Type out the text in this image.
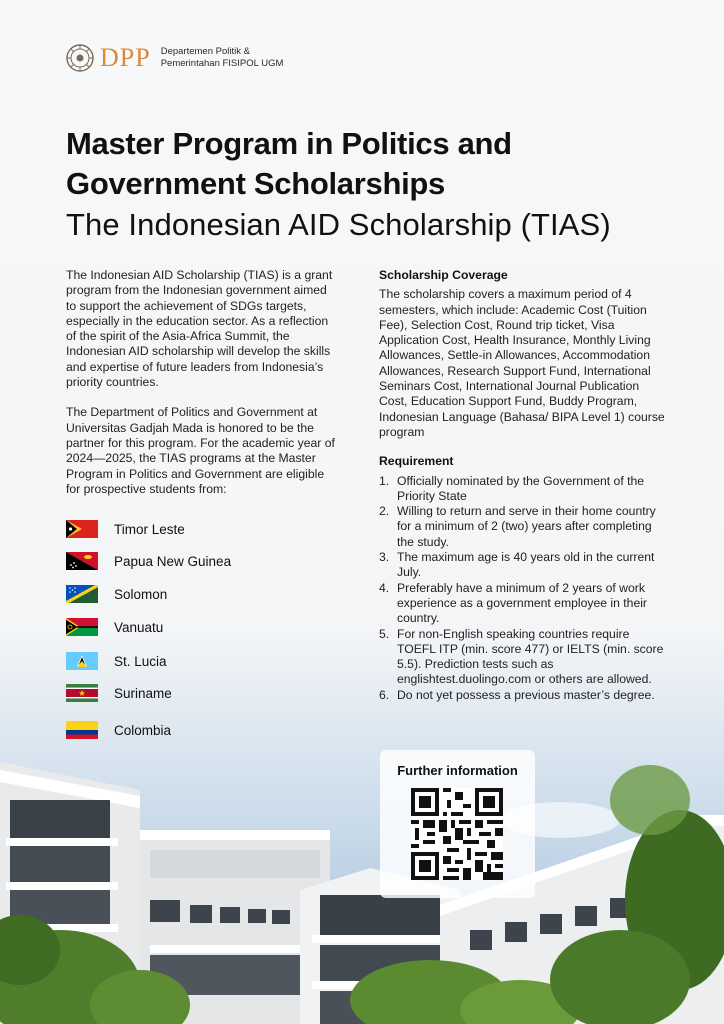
DPP Departemen Politik &
Pemerintahan FISIPOL UGM
Master Program in Politics and
Government Scholarships
The Indonesian AID Scholarship (TIAS)

The Indonesian AID Scholarship (TIAS) is a grant program from the Indonesian government aimed to support the achievement of SDGs targets, especially in the education sector. As a reflection of the spirit of the Asia-Africa Summit, the Indonesian AID scholarship will develop the skills and expertise of future leaders from Indonesia’s priority countries.

The Department of Politics and Government at Universitas Gadjah Mada is honored to be the partner for this program. For the academic year of 2024—2025, the TIAS programs at the Master Program in Politics and Government are eligible for prospective students from:

Timor Leste
Papua New Guinea
Solomon
Vanuatu
St. Lucia
Suriname
Colombia
Scholarship Coverage
The scholarship covers a maximum period of 4 semesters, which include: Academic Cost (Tuition Fee), Selection Cost, Round trip ticket, Visa Application Cost, Health Insurance, Monthly Living Allowances, Settle-in Allowances, Accommodation Allowances, Research Support Fund, International Seminars Cost, International Journal Publication Cost, Education Support Fund, Buddy Program, Indonesian Language (Bahasa/ BIPA Level 1) course program
Requirement
1. Officially nominated by the Government of the Priority State
2. Willing to return and serve in their home country for a minimum of 2 (two) years after completing the study.
3. The maximum age is 40 years old in the current July.
4. Preferably have a minimum of 2 years of work experience as a government employee in their country.
5. For non-English speaking countries require TOEFL ITP (min. score 477) or IELTS (min. score 5.5). Prediction tests such as englishtest.duolingo.com or others are allowed.
6. Do not yet possess a previous master’s degree.
Further information
